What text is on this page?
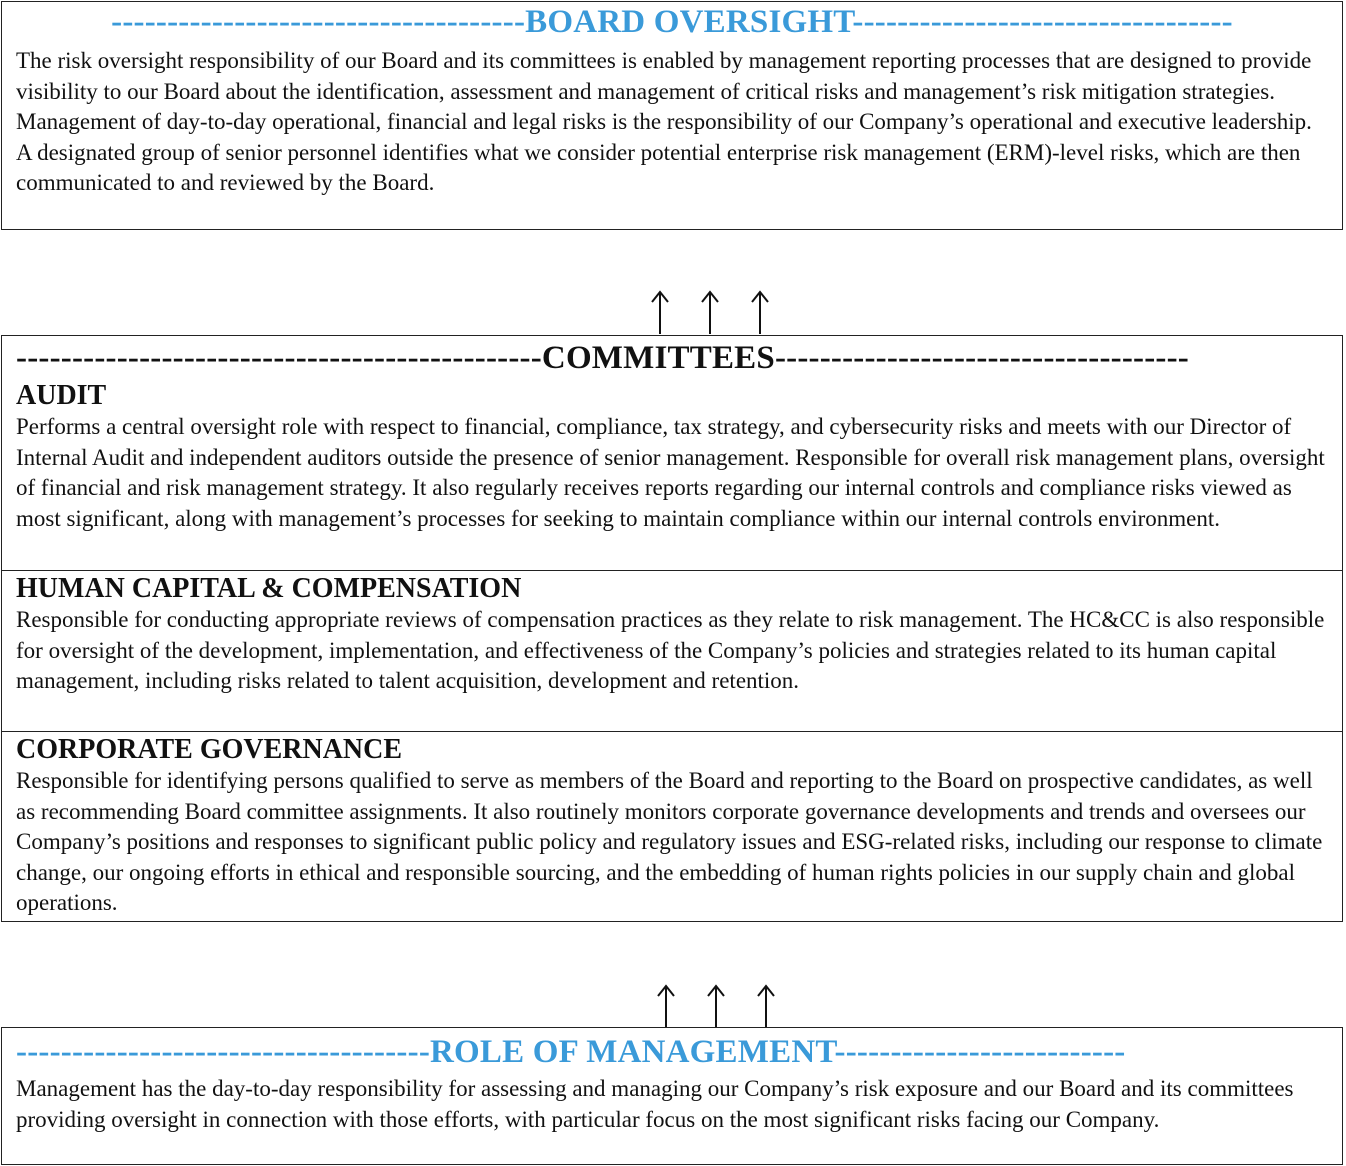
-------------------------------------BOARD OVERSIGHT----------------------------------
The risk oversight responsibility of our Board and its committees is enabled by management reporting processes that are designed to provide visibility to our Board about the identification, assessment and management of critical risks and management’s risk mitigation strategies. Management of day-to-day operational, financial and legal risks is the responsibility of our Company’s operational and executive leadership. A designated group of senior personnel identifies what we consider potential enterprise risk management (ERM)-level risks, which are then communicated to and reviewed by the Board.
-----------------------------------------------COMMITTEES-------------------------------------
AUDIT
Performs a central oversight role with respect to financial, compliance, tax strategy, and cybersecurity risks and meets with our Director of Internal Audit and independent auditors outside the presence of senior management. Responsible for overall risk management plans, oversight of financial and risk management strategy. It also regularly receives reports regarding our internal controls and compliance risks viewed as most significant, along with management’s processes for seeking to maintain compliance within our internal controls environment.
HUMAN CAPITAL & COMPENSATION
Responsible for conducting appropriate reviews of compensation practices as they relate to risk management. The HC&CC is also responsible for oversight of the development, implementation, and effectiveness of the Company’s policies and strategies related to its human capital management, including risks related to talent acquisition, development and retention.
CORPORATE GOVERNANCE
Responsible for identifying persons qualified to serve as members of the Board and reporting to the Board on prospective candidates, as well as recommending Board committee assignments. It also routinely monitors corporate governance developments and trends and oversees our Company’s positions and responses to significant public policy and regulatory issues and ESG-related risks, including our response to climate change, our ongoing efforts in ethical and responsible sourcing, and the embedding of human rights policies in our supply chain and global operations.
-------------------------------------ROLE OF MANAGEMENT--------------------------
Management has the day-to-day responsibility for assessing and managing our Company’s risk exposure and our Board and its committees providing oversight in connection with those efforts, with particular focus on the most significant risks facing our Company.
